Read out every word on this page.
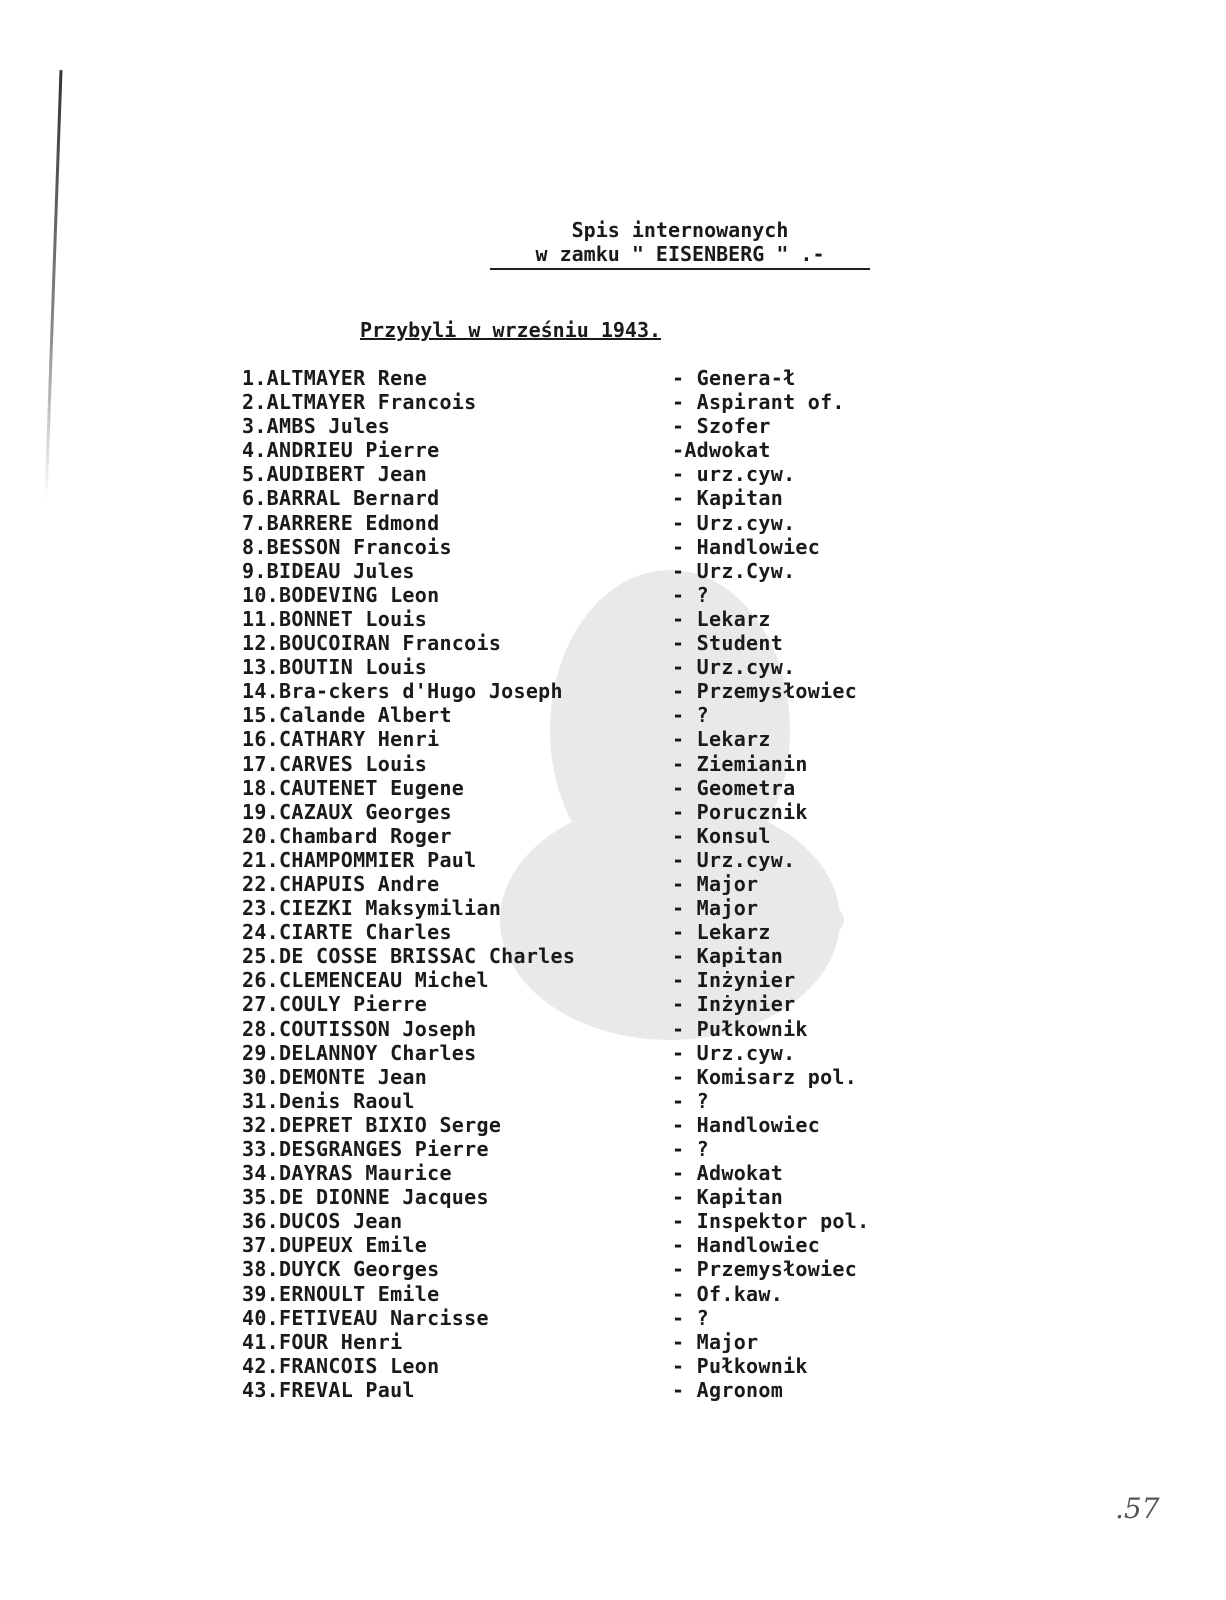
Spis internowanych
w zamku " EISENBERG " .-
Przybyli w wrześniu 1943.
1.ALTMAYER Rene	- Genera-ł
2.ALTMAYER Francois	- Aspirant of.
3.AMBS Jules	- Szofer
4.ANDRIEU Pierre	-Adwokat
5.AUDIBERT Jean	- urz.cyw.
6.BARRAL Bernard	- Kapitan
7.BARRERE Edmond	- Urz.cyw.
8.BESSON Francois	- Handlowiec
9.BIDEAU Jules	- Urz.Cyw.
10.BODEVING Leon	- ?
11.BONNET Louis	- Lekarz
12.BOUCOIRAN Francois	- Student
13.BOUTIN Louis	- Urz.cyw.
14.Bra-ckers d'Hugo Joseph	- Przemysłowiec
15.Calande Albert	- ?
16.CATHARY Henri	- Lekarz
17.CARVES Louis	- Ziemianin
18.CAUTENET Eugene	- Geometra
19.CAZAUX Georges	- Porucznik
20.Chambard Roger	- Konsul
21.CHAMPOMMIER Paul	- Urz.cyw.
22.CHAPUIS Andre	- Major
23.CIEZKI Maksymilian	- Major
24.CIARTE Charles	- Lekarz
25.DE COSSE BRISSAC Charles	- Kapitan
26.CLEMENCEAU Michel	- Inżynier
27.COULY Pierre	- Inżynier
28.COUTISSON Joseph	- Pułkownik
29.DELANNOY Charles	- Urz.cyw.
30.DEMONTE Jean	- Komisarz pol.
31.Denis Raoul	- ?
32.DEPRET BIXIO Serge	- Handlowiec
33.DESGRANGES Pierre	- ?
34.DAYRAS Maurice	- Adwokat
35.DE DIONNE Jacques	- Kapitan
36.DUCOS Jean	- Inspektor pol.
37.DUPEUX Emile	- Handlowiec
38.DUYCK Georges	- Przemysłowiec
39.ERNOULT Emile	- Of.kaw.
40.FETIVEAU Narcisse	- ?
41.FOUR Henri	- Major
42.FRANCOIS Leon	- Pułkownik
43.FREVAL Paul	- Agronom
.57
